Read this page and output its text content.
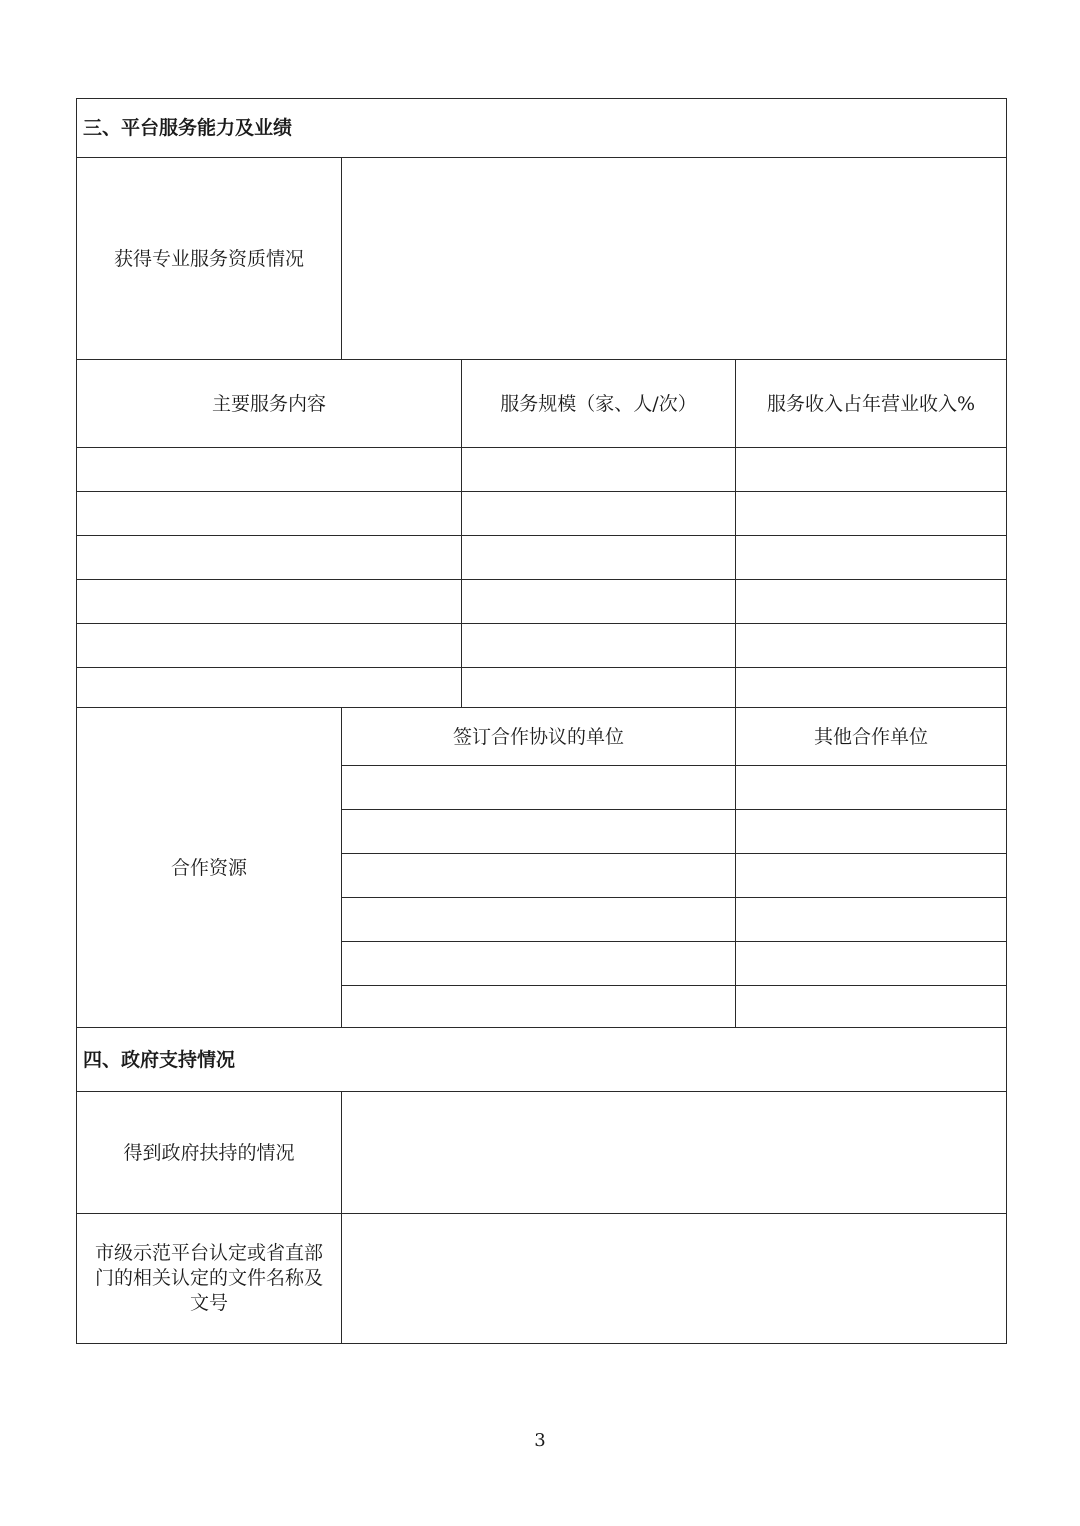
三、平台服务能力及业绩			
获得专业服务资质情况			
主要服务内容		服务规模（家、人/次）	服务收入占年营业收入%

合作资源	签订合作协议的单位		其他合作单位

四、政府支持情况			
得到政府扶持的情况			
市级示范平台认定或省直部门的相关认定的文件名称及文号			
3
